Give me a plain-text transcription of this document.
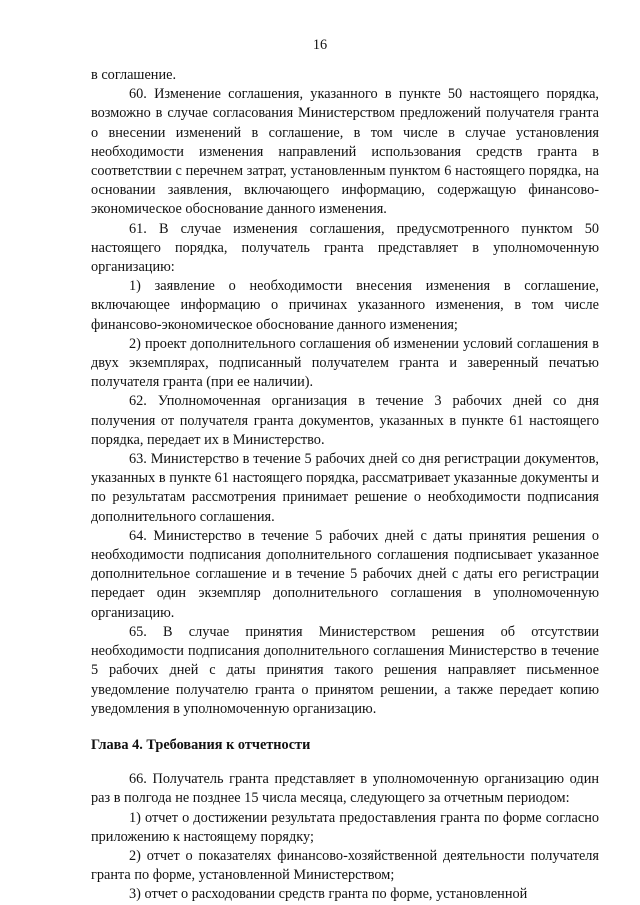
16

в соглашение.

60. Изменение соглашения, указанного в пункте 50 настоящего порядка, возможно в случае согласования Министерством предложений получателя гранта о внесении изменений в соглашение, в том числе в случае установления необходимости изменения направлений использования средств гранта в соответствии с перечнем затрат, установленным пунктом 6 настоящего порядка, на основании заявления, включающего информацию, содержащую финансово-экономическое обоснование данного изменения.

61. В случае изменения соглашения, предусмотренного пунктом 50 настоящего порядка, получатель гранта представляет в уполномоченную организацию:

1) заявление о необходимости внесения изменения в соглашение, включающее информацию о причинах указанного изменения, в том числе финансово-экономическое обоснование данного изменения;

2) проект дополнительного соглашения об изменении условий соглашения в двух экземплярах, подписанный получателем гранта и заверенный печатью получателя гранта (при ее наличии).

62. Уполномоченная организация в течение 3 рабочих дней со дня получения от получателя гранта документов, указанных в пункте 61 настоящего порядка, передает их в Министерство.

63. Министерство в течение 5 рабочих дней со дня регистрации документов, указанных в пункте 61 настоящего порядка, рассматривает указанные документы и по результатам рассмотрения принимает решение о необходимости подписания дополнительного соглашения.

64. Министерство в течение 5 рабочих дней с даты принятия решения о необходимости подписания дополнительного соглашения подписывает указанное дополнительное соглашение и в течение 5 рабочих дней с даты его регистрации передает один экземпляр дополнительного соглашения в уполномоченную организацию.

65. В случае принятия Министерством решения об отсутствии необходимости подписания дополнительного соглашения Министерство в течение 5 рабочих дней с даты принятия такого решения направляет письменное уведомление получателю гранта о принятом решении, а также передает копию уведомления в уполномоченную организацию.

Глава 4. Требования к отчетности

66. Получатель гранта представляет в уполномоченную организацию один раз в полгода не позднее 15 числа месяца, следующего за отчетным периодом:

1) отчет о достижении результата предоставления гранта по форме согласно приложению к настоящему порядку;

2) отчет о показателях финансово-хозяйственной деятельности получателя гранта по форме, установленной Министерством;

3) отчет о расходовании средств гранта по форме, установленной
